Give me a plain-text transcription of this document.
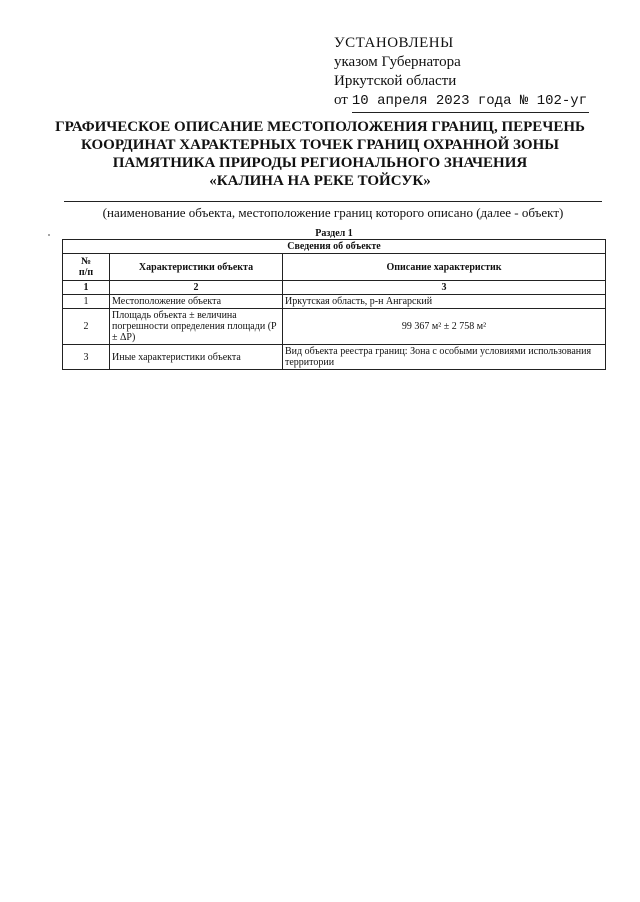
УСТАНОВЛЕНЫ
указом Губернатора
Иркутской области
от 10 апреля 2023 года № 102-уг
ГРАФИЧЕСКОЕ ОПИСАНИЕ МЕСТОПОЛОЖЕНИЯ ГРАНИЦ, ПЕРЕЧЕНЬ
КООРДИНАТ ХАРАКТЕРНЫХ ТОЧЕК ГРАНИЦ ОХРАННОЙ ЗОНЫ
ПАМЯТНИКА ПРИРОДЫ РЕГИОНАЛЬНОГО ЗНАЧЕНИЯ
«КАЛИНА НА РЕКЕ ТОЙСУК»
(наименование объекта, местоположение границ которого описано (далее - объект)
Раздел 1
Сведения об объекте		
№
п/п	Характеристики объекта	Описание характеристик
1	2	3
1	Местоположение объекта	Иркутская область, р-н Ангарский
2	Площадь объекта ± величина погрешности определения площади (P ± ΔP)	99 367 м² ± 2 758 м²
3	Иные характеристики объекта	Вид объекта реестра границ: Зона с особыми условиями использования территории
